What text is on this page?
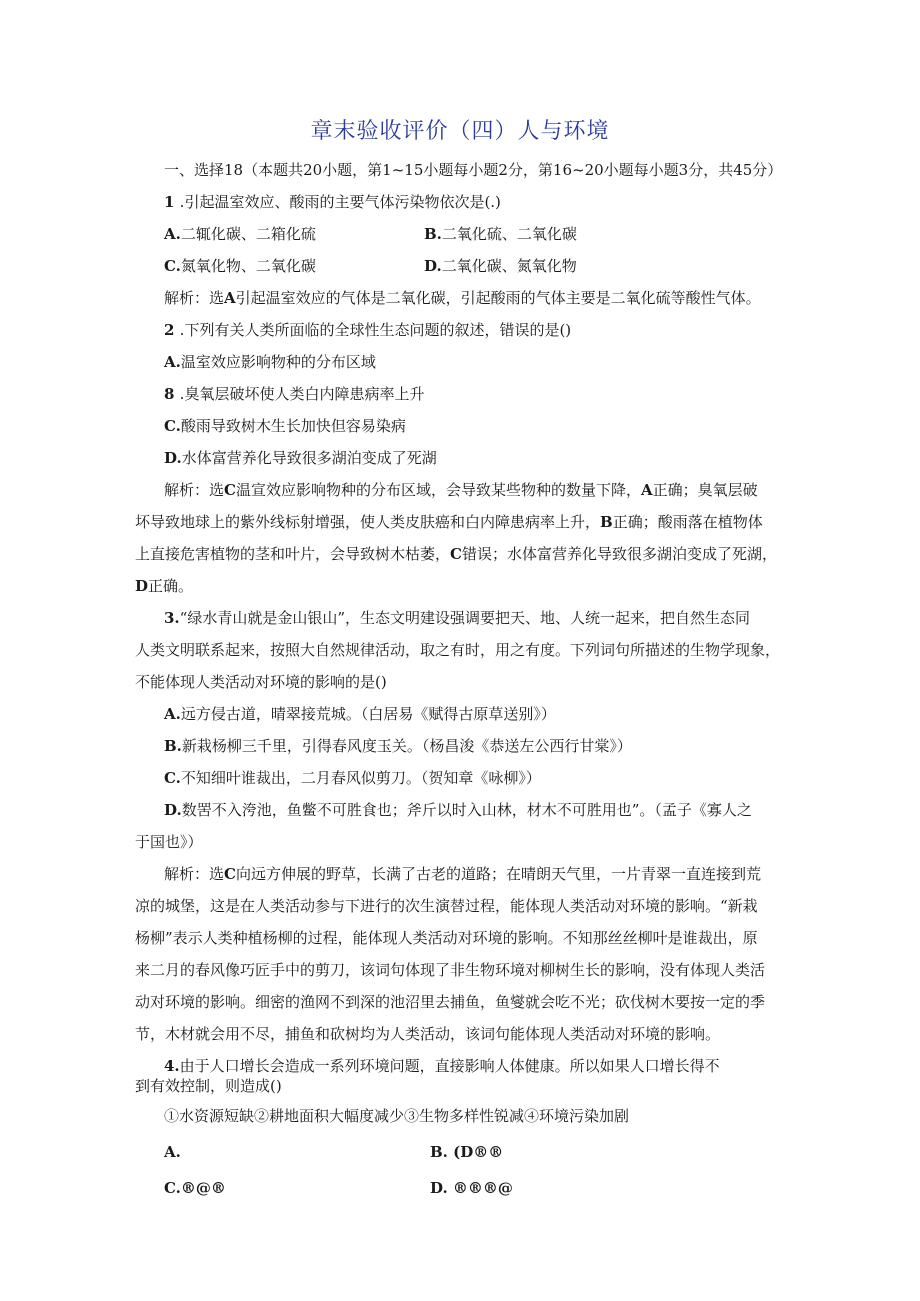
章末验收评价（四）人与环境
一、选择18（本题共20小题，第1~15小题每小题2分，第16~20小题每小题3分，共45分）
1 .引起温室效应、酸雨的主要气体污染物依次是(.)
A.二辄化碳、二箱化硫	B.二氧化硫、二氧化碳
C.氮氧化物、二氧化碳	D.二氧化碳、氮氧化物
解析：选A引起温室效应的气体是二氧化碳，引起酸雨的气体主要是二氧化硫等酸性气体。
2 .下列有关人类所面临的全球性生态问题的叙述，错误的是()
A.温室效应影响物种的分布区域
8 .臭氧层破坏使人类白内障患病率上升
C.酸雨导致树木生长加快但容易染病
D.水体富营养化导致很多湖泊变成了死湖
解析：选C温宣效应影响物种的分布区域，会导致某些物种的数量下降，A正确；臭氧层破
坏导致地球上的紫外线标射增强，使人类皮肤癌和白内障患病率上升，B正确；酸雨落在植物体
上直接危害植物的茎和叶片，会导致树木枯萎，C错误；水体富营养化导致很多湖泊变成了死湖，
D正确。
3.“绿水青山就是金山银山”，生态文明建设强调要把天、地、人统一起来，把自然生态同
人类文明联系起来，按照大自然规律活动，取之有时，用之有度。下列词句所描述的生物学现象，
不能体现人类活动对环境的影响的是()
A.远方侵古道，晴翠接荒城。（白居易《赋得古原草送别》）
B.新栽杨柳三千里，引得春风度玉关。（杨昌浚《恭送左公西行甘棠》）
C.不知细叶谁裁出，二月春风似剪刀。（贺知章《咏柳》）
D.数罟不入洿池，鱼鳖不可胜食也；斧斤以时入山林，材木不可胜用也”。（孟子《寡人之
于国也》）
解析：选C向远方伸展的野草，长满了古老的道路；在晴朗天气里，一片青翠一直连接到荒
凉的城堡，这是在人类活动参与下进行的次生演替过程，能体现人类活动对环境的影响。“新栽
杨柳”表示人类种植杨柳的过程，能体现人类活动对环境的影响。不知那丝丝柳叶是谁裁出，原
来二月的春风像巧匠手中的剪刀，该词句体现了非生物环境对柳树生长的影响，没有体现人类活
动对环境的影响。细密的渔网不到深的池沼里去捕鱼，鱼燮就会吃不光；砍伐树木要按一定的季
节，木材就会用不尽，捕鱼和砍树均为人类活动，该词句能体现人类活动对环境的影响。
4.由于人口增长会造成一系列环境问题，直接影响人体健康。所以如果人口增长得不
到有效控制，则造成()
①水资源短缺②耕地面积大幅度减少③生物多样性锐减④环境污染加剧
A.	B. (D®®
C.®@®	D. ®®®@
